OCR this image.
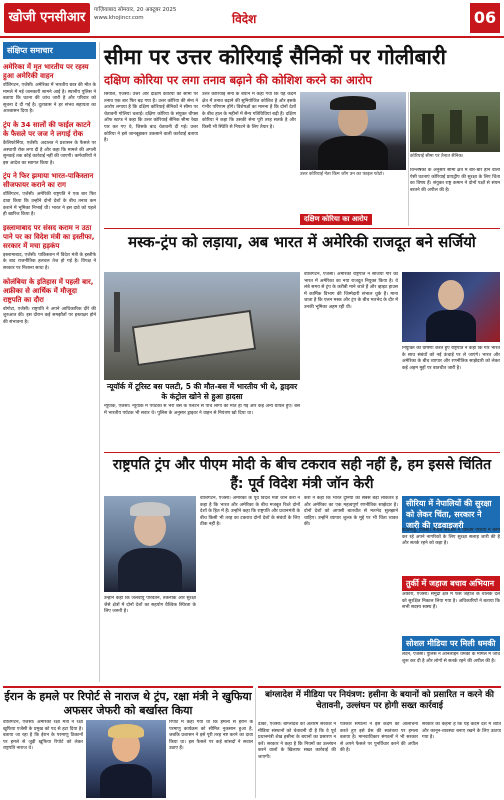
खोजी एनसीआर	गाज़ियाबाद सोमवार, 20 अक्टूबर 2025
www.khojincr.com	विदेश	06
संक्षिप्त समाचार
अमेरिका में मृत भारतीय पर रहस्य हुआ अमेरिकी वाहन
वॉशिंगटन, एजेंसी। अमेरिका में भारतीय छात्र की मौत के मामले में नई जानकारी सामने आई है। स्थानीय पुलिस ने बताया कि घटना की जांच जारी है और परिवार को सूचना दे दी गई है। दूतावास ने हर संभव सहायता का आश्वासन दिया है।
ट्रंप के 34 सालों की फाईल काटने के फैसले पर जज ने लगाई रोक
कैलिफोर्निया, एजेंसी। अदालत ने प्रशासन के फैसले पर अस्थायी रोक लगा दी है और कहा कि मामले की अगली सुनवाई तक कोई कार्रवाई नहीं की जाएगी। कर्मचारियों ने इस आदेश का स्वागत किया है।
ट्रंप ने फिर झमाया भारत-पाकिस्तान सीजफायर कराने का राग
वॉशिंगटन, एजेंसी। अमेरिकी राष्ट्रपति ने एक बार फिर दावा किया कि उन्होंने दोनों देशों के बीच तनाव कम कराने में भूमिका निभाई थी। भारत ने इस दावे को पहले ही खारिज किया है।
इस्लामाबाद पर संसद कराम न उठा पाने पर का विदेश मंत्री का इस्तीफा, सरकार में मचा हड़कंप
इस्लामाबाद, एजेंसी। पाकिस्तान में विदेश मंत्री के इस्तीफे के बाद राजनीतिक हलचल तेज हो गई है। विपक्ष ने सरकार पर निशाना साधा है।
कोलंबिया के इतिहास में पहली बार, अफ्रीका से आर्थिक में मौजूदा राष्ट्रपति का दौरा
बोगोटा, एजेंसी। राष्ट्रपति ने अपने आधिकारिक दौरे की शुरुआत की। इस दौरान कई समझौतों पर हस्ताक्षर होने की संभावना है।
सीमा पर उत्तर कोरियाई सैनिकों पर गोलीबारी
दक्षिण कोरिया पर लगा तनाव बढ़ाने की कोशिश करने का आरोप
सियोल, एजेंसी। उत्तर और दक्षिण कोरिया की सीमा पर तनाव एक बार फिर बढ़ गया है। उत्तर कोरिया की सेना ने आरोप लगाया है कि दक्षिण कोरियाई सैनिकों ने सीमा पर चेतावनी गोलियां चलाईं। दक्षिण कोरिया के संयुक्त चीफ्स ऑफ स्टाफ ने कहा कि उत्तर कोरियाई सैनिक सीमा रेखा पार कर गए थे, जिसके बाद चेतावनी दी गई। उत्तर कोरिया ने इसे जानबूझकर उकसाने वाली कार्रवाई बताया है।
उत्तर कोरियाई सेना के बयान में कहा गया कि यह कदम क्षेत्र में तनाव बढ़ाने की सुनियोजित कोशिश है और इसके गंभीर परिणाम होंगे। विशेषज्ञों का मानना है कि दोनों देशों के बीच हाल के महीनों में सैन्य गतिविधियां बढ़ी हैं। दक्षिण कोरिया ने कहा कि उसकी सेना पूरी तरह सतर्क है और किसी भी स्थिति से निपटने के लिए तैयार है।
उत्तर कोरियाई नेता किम जोंग उन का फाइल फोटो।
दक्षिण कोरिया का आरोप
कोरियाई सीमा पर तैनात सैनिक।
विश्लेषकों के अनुसार सीमा क्षेत्र में बार-बार होने वाली ऐसी घटनाएं कोरियाई प्रायद्वीप की सुरक्षा के लिए चिंता का विषय हैं। संयुक्त राष्ट्र कमान ने दोनों पक्षों से संयम बरतने की अपील की है।
मस्क-ट्रंप को लड़ाया, अब भारत में अमेरिकी राजदूत बने सर्जियो
न्यूयॉर्क में टूरिस्ट बस पलटी, 5 की मौत-बस में भारतीय भी थे, ड्राइवर के कंट्रोल खोने से हुआ हादसा
न्यूयॉर्क, एजेंसी। न्यूयॉर्क में पर्यटकों से भरी बस के पलटने से पांच लोगों की मौत हो गई और कई अन्य घायल हुए। बस में भारतीय पर्यटक भी सवार थे। पुलिस के अनुसार ड्राइवर ने वाहन से नियंत्रण खो दिया था।
वाशिंगटन, एजेंसी। अमेरिकी राष्ट्रपति ने सर्जियो गोर को भारत में अमेरिका का नया राजदूत नियुक्त किया है। वे लंबे समय से ट्रंप के करीबी माने जाते हैं और व्हाइट हाउस में कार्मिक विभाग की जिम्मेदारी संभाल चुके हैं। माना जाता है कि एलन मस्क और ट्रंप के बीच मतभेद के दौर में उनकी भूमिका अहम रही थी।
नियुक्ति की घोषणा करते हुए राष्ट्रपति ने कहा कि गोर भारत के साथ संबंधों को नई ऊंचाई पर ले जाएंगे। भारत और अमेरिका के बीच व्यापार और रणनीतिक साझेदारी को लेकर कई अहम मुद्दों पर बातचीत जारी है।
राष्ट्रपति ट्रंप और पीएम मोदी के बीच टकराव सही नहीं है, हम इससे चिंतित हैं: पूर्व विदेश मंत्री जॉन केरी
वाशिंगटन, एजेंसी। अमेरिका के पूर्व विदेश मंत्री जॉन केरी ने कहा है कि भारत और अमेरिका के बीच मजबूत रिश्ते दोनों देशों के हित में हैं। उन्होंने कहा कि राष्ट्रपति और प्रधानमंत्री के बीच किसी भी तरह का टकराव दोनों देशों के संबंधों के लिए ठीक नहीं है।
केरी ने कहा कि भारत दुनिया का सबसे बड़ा लोकतंत्र है और अमेरिका का एक महत्वपूर्ण रणनीतिक साझेदार है। दोनों देशों को आपसी बातचीत से मतभेद सुलझाने चाहिए। उन्होंने व्यापार शुल्क के मुद्दे पर भी चिंता व्यक्त की।
उन्होंने कहा कि जलवायु परिवर्तन, तकनीक और सुरक्षा जैसे क्षेत्रों में दोनों देशों का सहयोग वैश्विक स्थिरता के लिए जरूरी है।
सीरिया में नेपालियों की सुरक्षा को लेकर चिंता, सरकार ने जारी की एडवाइजरी
काठमांडू, एजेंसी। नेपाल सरकार ने पश्चिम एशिया में काम कर रहे अपने नागरिकों के लिए सुरक्षा सलाह जारी की है और सतर्क रहने को कहा है।
तुर्की में जहाज बचाव अभियान
अंकारा, एजेंसी। समुद्री क्षेत्र में फंसे जहाज के चालक दल को सुरक्षित निकाल लिया गया है। अधिकारियों ने बताया कि सभी सदस्य स्वस्थ हैं।
सोशल मीडिया पर मिली धमकी
लंदन, एजेंसी। पुलिस ने ऑनलाइन धमकी के मामले में जांच शुरू कर दी है और लोगों से सतर्क रहने की अपील की है।
ईरान के हमले पर रिपोर्ट से नाराज थे ट्रंप, रक्षा मंत्री ने खुफिया अफसर जेफरी को बर्खास्त किया
वाशिंगटन, एजेंसी। अमेरिकी रक्षा मंत्री ने रक्षा खुफिया एजेंसी के प्रमुख को पद से हटा दिया है। बताया जा रहा है कि ईरान के परमाणु ठिकानों पर हमले से जुड़ी खुफिया रिपोर्ट को लेकर राष्ट्रपति नाराज थे।
रिपोर्ट में कहा गया था कि हमलों से ईरान के परमाणु कार्यक्रम को सीमित नुकसान हुआ है, जबकि प्रशासन ने इसे पूरी तरह नष्ट करने का दावा किया था। इस फैसले पर कई सांसदों ने सवाल उठाए हैं।
बांग्लादेश में मीडिया पर नियंत्रण: हसीना के बयानों को प्रसारित न करने की चेतावनी, उल्लंघन पर होगी सख्त कार्रवाई
ढाका, एजेंसी। बांग्लादेश की अंतरिम सरकार ने मीडिया संस्थानों को चेतावनी दी है कि वे पूर्व प्रधानमंत्री शेख हसीना के बयानों का प्रसारण न करें। सरकार ने कहा है कि नियमों का उल्लंघन करने वालों के खिलाफ सख्त कार्रवाई की जाएगी।
पत्रकार संगठनों ने इस कदम की आलोचना करते हुए इसे प्रेस की स्वतंत्रता पर हमला बताया है। मानवाधिकार संगठनों ने भी सरकार से अपने फैसले पर पुनर्विचार करने की अपील की है।
सरकार का कहना है कि यह कदम देश में शांति और कानून-व्यवस्था बनाए रखने के लिए उठाया गया है।
